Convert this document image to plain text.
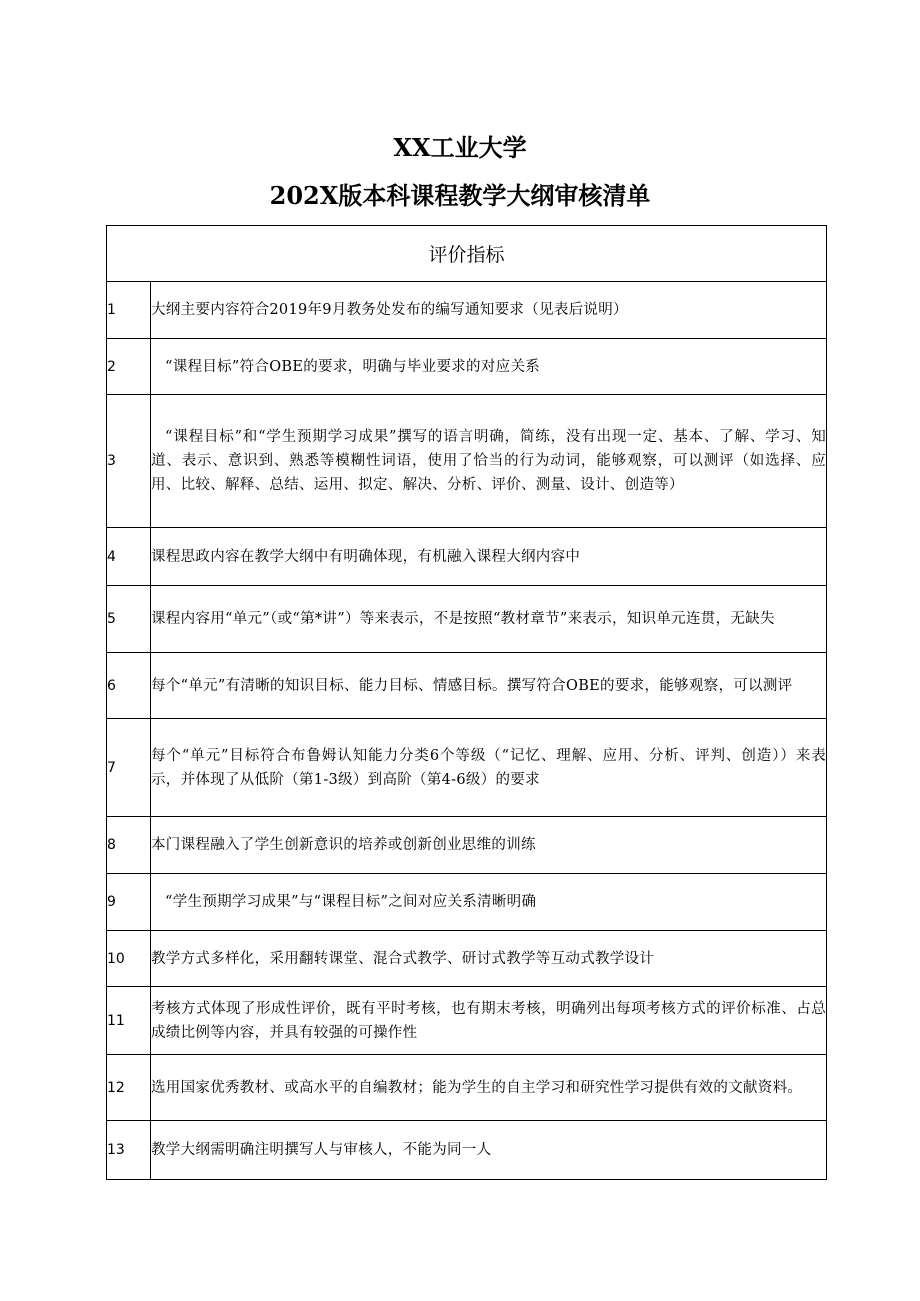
XX工业大学
202X版本科课程教学大纲审核清单
评价指标	
1	大纲主要内容符合2019年9月教务处发布的编写通知要求（见表后说明）
2	“课程目标”符合OBE的要求，明确与毕业要求的对应关系
3	“课程目标”和“学生预期学习成果”撰写的语言明确，简练，没有出现一定、基本、了解、学习、知道、表示、意识到、熟悉等模糊性词语，使用了恰当的行为动词，能够观察，可以测评（如选择、应用、比较、解释、总结、运用、拟定、解决、分析、评价、测量、设计、创造等）
4	课程思政内容在教学大纲中有明确体现，有机融入课程大纲内容中
5	课程内容用“单元”（或“第*讲”）等来表示，不是按照“教材章节”来表示，知识单元连贯，无缺失
6	每个“单元”有清晰的知识目标、能力目标、情感目标。撰写符合OBE的要求，能够观察，可以测评
7	每个“单元”目标符合布鲁姆认知能力分类6个等级（“记忆、理解、应用、分析、评判、创造））来表示，并体现了从低阶（第1-3级）到高阶（第4-6级）的要求
8	本门课程融入了学生创新意识的培养或创新创业思维的训练
9	“学生预期学习成果”与“课程目标”之间对应关系清晰明确
10	教学方式多样化，采用翻转课堂、混合式教学、研讨式教学等互动式教学设计
11	考核方式体现了形成性评价，既有平时考核，也有期末考核，明确列出每项考核方式的评价标准、占总成绩比例等内容，并具有较强的可操作性
12	选用国家优秀教材、或高水平的自编教材；能为学生的自主学习和研究性学习提供有效的文献资料。
13	教学大纲需明确注明撰写人与审核人，不能为同一人
